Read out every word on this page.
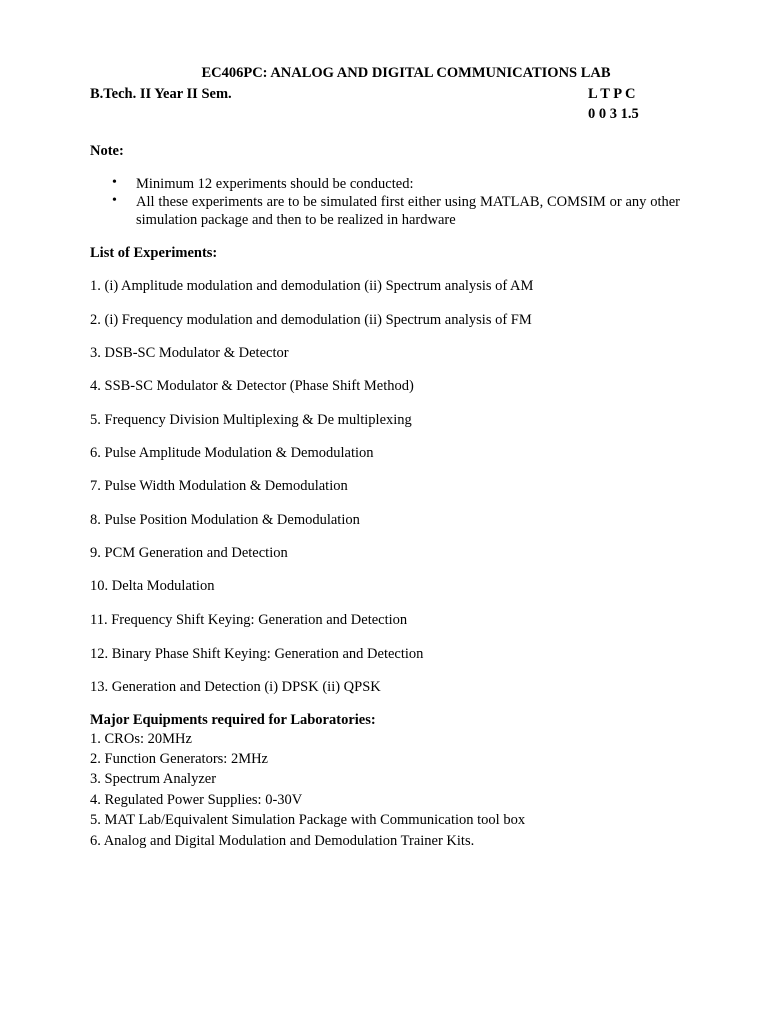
EC406PC: ANALOG AND DIGITAL COMMUNICATIONS LAB
B.Tech. II Year II Sem.	L T P C
0 0 3 1.5
Note:
• Minimum 12 experiments should be conducted:
• All these experiments are to be simulated first either using MATLAB, COMSIM or any other simulation package and then to be realized in hardware
List of Experiments:
1. (i) Amplitude modulation and demodulation (ii) Spectrum analysis of AM
2. (i) Frequency modulation and demodulation (ii) Spectrum analysis of FM
3. DSB-SC Modulator & Detector
4. SSB-SC Modulator & Detector (Phase Shift Method)
5. Frequency Division Multiplexing & De multiplexing
6. Pulse Amplitude Modulation & Demodulation
7. Pulse Width Modulation & Demodulation
8. Pulse Position Modulation & Demodulation
9. PCM Generation and Detection
10. Delta Modulation
11. Frequency Shift Keying: Generation and Detection
12. Binary Phase Shift Keying: Generation and Detection
13. Generation and Detection (i) DPSK (ii) QPSK
Major Equipments required for Laboratories:
1. CROs: 20MHz
2. Function Generators: 2MHz
3. Spectrum Analyzer
4. Regulated Power Supplies: 0-30V
5. MAT Lab/Equivalent Simulation Package with Communication tool box
6. Analog and Digital Modulation and Demodulation Trainer Kits.
